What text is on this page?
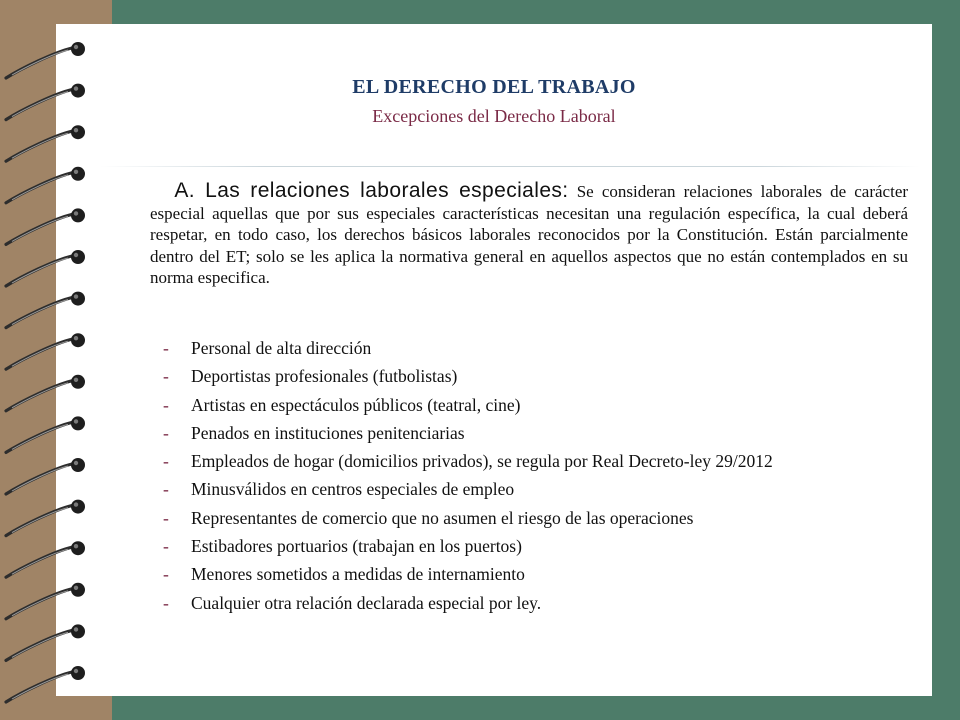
EL DERECHO DEL TRABAJO
Excepciones del Derecho Laboral
A. Las relaciones laborales especiales: Se consideran relaciones laborales de carácter especial aquellas que por sus especiales características necesitan una regulación específica, la cual deberá respetar, en todo caso, los derechos básicos laborales reconocidos por la Constitución. Están parcialmente dentro del ET; solo se les aplica la normativa general en aquellos aspectos que no están contemplados en su norma especifica.
-	Personal de alta dirección
-	Deportistas profesionales (futbolistas)
-	Artistas en espectáculos públicos (teatral, cine)
-	Penados en instituciones penitenciarias
-	Empleados de hogar (domicilios privados), se regula por Real Decreto-ley 29/2012
-	Minusválidos en centros especiales de empleo
-	Representantes de comercio que no asumen el riesgo de las operaciones
-	Estibadores portuarios (trabajan en los puertos)
-	Menores sometidos a medidas de internamiento
-	Cualquier otra relación declarada especial por ley.
